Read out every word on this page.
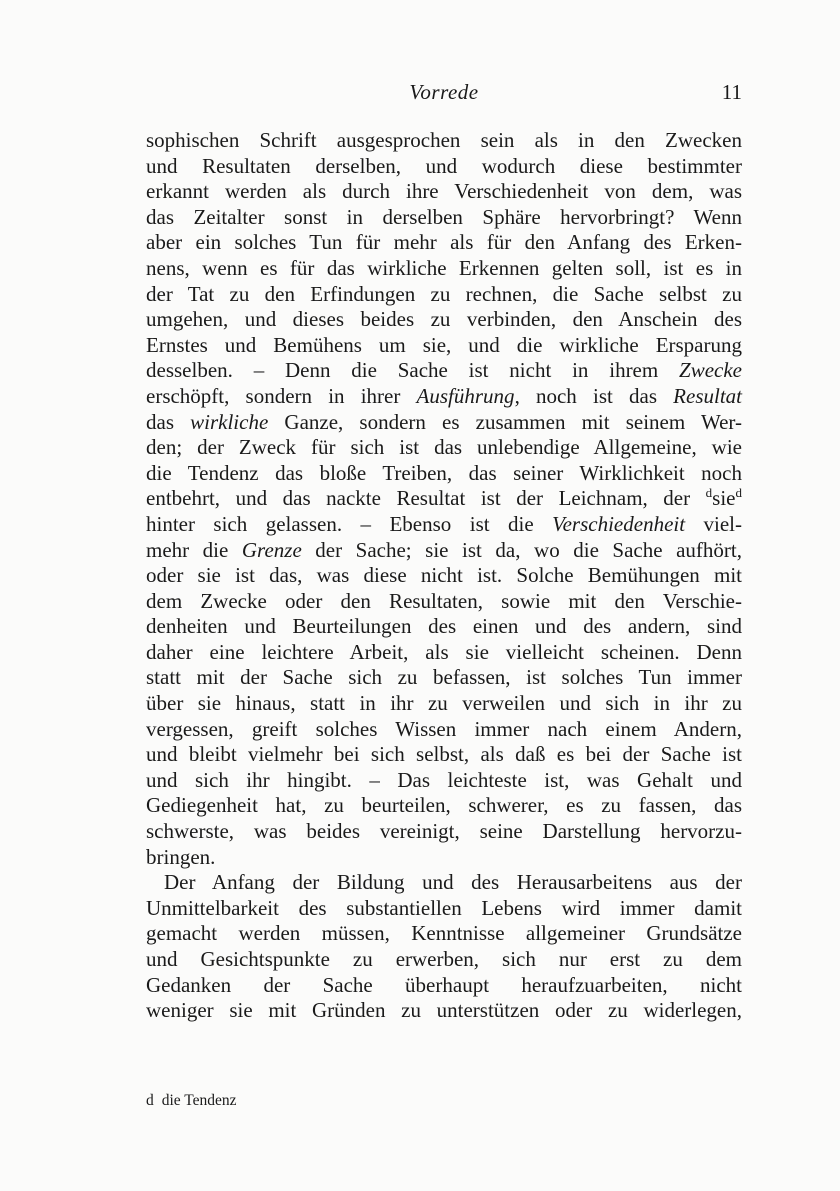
Vorrede	11
sophischen Schrift ausgesprochen sein als in den Zwecken
und Resultaten derselben, und wodurch diese bestimmter
erkannt werden als durch ihre Verschiedenheit von dem, was
das Zeitalter sonst in derselben Sphäre hervorbringt? Wenn
aber ein solches Tun für mehr als für den Anfang des Erken-
nens, wenn es für das wirkliche Erkennen gelten soll, ist es in
der Tat zu den Erfindungen zu rechnen, die Sache selbst zu
umgehen, und dieses beides zu verbinden, den Anschein des
Ernstes und Bemühens um sie, und die wirkliche Ersparung
desselben. – Denn die Sache ist nicht in ihrem Zwecke
erschöpft, sondern in ihrer Ausführung, noch ist das Resultat
das wirkliche Ganze, sondern es zusammen mit seinem Wer-
den; der Zweck für sich ist das unlebendige Allgemeine, wie
die Tendenz das bloße Treiben, das seiner Wirklichkeit noch
entbehrt, und das nackte Resultat ist der Leichnam, der $^d$sie$^d$
hinter sich gelassen. – Ebenso ist die Verschiedenheit viel-
mehr die Grenze der Sache; sie ist da, wo die Sache aufhört,
oder sie ist das, was diese nicht ist. Solche Bemühungen mit
dem Zwecke oder den Resultaten, sowie mit den Verschie-
denheiten und Beurteilungen des einen und des andern, sind
daher eine leichtere Arbeit, als sie vielleicht scheinen. Denn
statt mit der Sache sich zu befassen, ist solches Tun immer
über sie hinaus, statt in ihr zu verweilen und sich in ihr zu
vergessen, greift solches Wissen immer nach einem Andern,
und bleibt vielmehr bei sich selbst, als daß es bei der Sache ist
und sich ihr hingibt. – Das leichteste ist, was Gehalt und
Gediegenheit hat, zu beurteilen, schwerer, es zu fassen, das
schwerste, was beides vereinigt, seine Darstellung hervorzu-
bringen.
Der Anfang der Bildung und des Herausarbeitens aus der
Unmittelbarkeit des substantiellen Lebens wird immer damit
gemacht werden müssen, Kenntnisse allgemeiner Grundsätze
und Gesichtspunkte zu erwerben, sich nur erst zu dem
Gedanken der Sache überhaupt heraufzuarbeiten, nicht
weniger sie mit Gründen zu unterstützen oder zu widerlegen,
d die Tendenz
